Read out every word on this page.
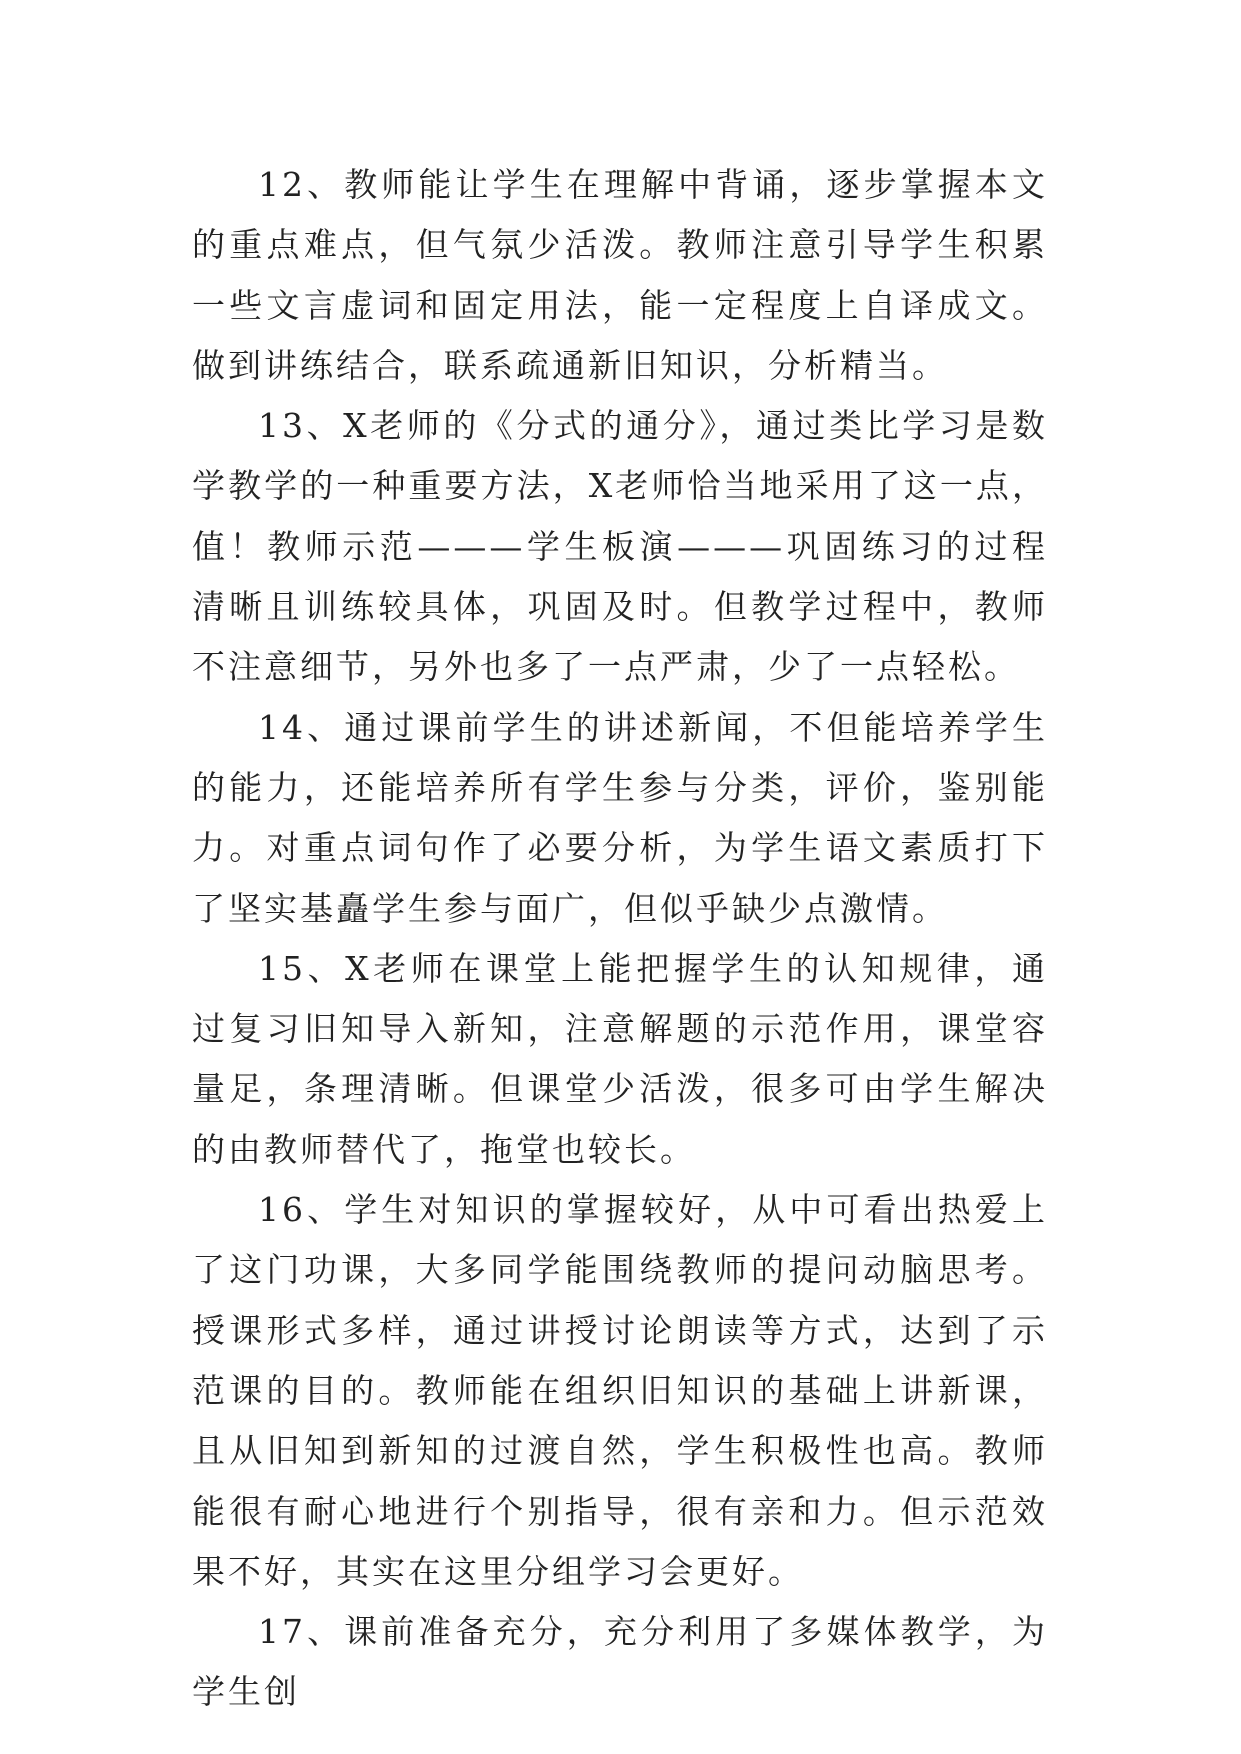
12、教师能让学生在理解中背诵，逐步掌握本文的重点难点，但气氛少活泼。教师注意引导学生积累一些文言虚词和固定用法，能一定程度上自译成文。做到讲练结合，联系疏通新旧知识，分析精当。

13、X老师的《分式的通分》，通过类比学习是数学教学的一种重要方法，X老师恰当地采用了这一点，值！教师示范———学生板演———巩固练习的过程清晰且训练较具体，巩固及时。但教学过程中，教师不注意细节，另外也多了一点严肃，少了一点轻松。

14、通过课前学生的讲述新闻，不但能培养学生的能力，还能培养所有学生参与分类，评价，鉴别能力。对重点词句作了必要分析，为学生语文素质打下了坚实基矗学生参与面广，但似乎缺少点激情。

15、X老师在课堂上能把握学生的认知规律，通过复习旧知导入新知，注意解题的示范作用，课堂容量足，条理清晰。但课堂少活泼，很多可由学生解决的由教师替代了，拖堂也较长。

16、学生对知识的掌握较好，从中可看出热爱上了这门功课，大多同学能围绕教师的提问动脑思考。授课形式多样，通过讲授讨论朗读等方式，达到了示范课的目的。教师能在组织旧知识的基础上讲新课，且从旧知到新知的过渡自然，学生积极性也高。教师能很有耐心地进行个别指导，很有亲和力。但示范效果不好，其实在这里分组学习会更好。

17、课前准备充分，充分利用了多媒体教学，为学生创
